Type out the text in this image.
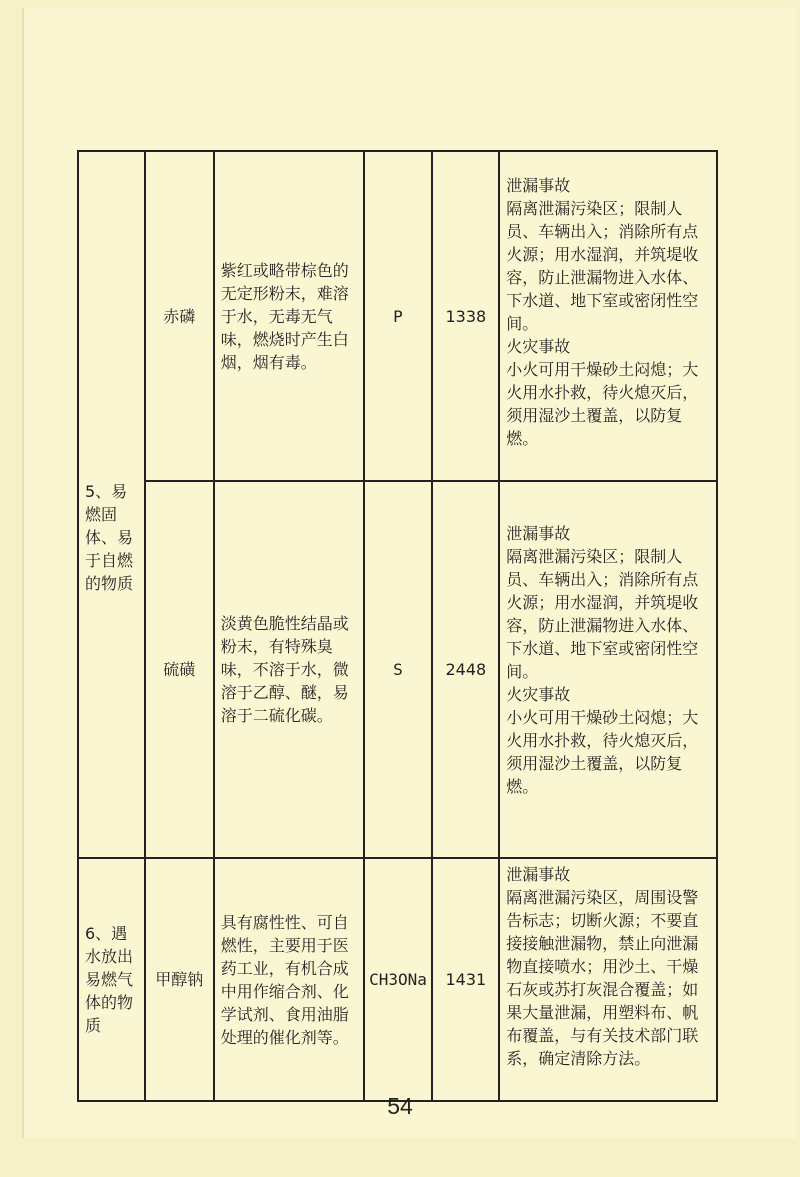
5、易燃固体、易于自燃的物质	赤磷	紫红或略带棕色的无定形粉末，难溶于水，无毒无气味，燃烧时产生白烟，烟有毒。	P	1338	泄漏事故
隔离泄漏污染区；限制人员、车辆出入；消除所有点火源；用水湿润，并筑堤收容，防止泄漏物进入水体、下水道、地下室或密闭性空间。
火灾事故
小火可用干燥砂土闷熄；大火用水扑救，待火熄灭后，须用湿沙土覆盖，以防复燃。

	硫磺	淡黄色脆性结晶或粉末，有特殊臭味，不溶于水，微溶于乙醇、醚，易溶于二硫化碳。	S	2448	泄漏事故
隔离泄漏污染区；限制人员、车辆出入；消除所有点火源；用水湿润，并筑堤收容，防止泄漏物进入水体、下水道、地下室或密闭性空间。
火灾事故
小火可用干燥砂土闷熄；大火用水扑救，待火熄灭后，须用湿沙土覆盖，以防复燃。

6、遇水放出易燃气体的物质	甲醇钠	具有腐性性、可自燃性，主要用于医药工业，有机合成中用作缩合剂、化学试剂、食用油脂处理的催化剂等。	CH3ONa	1431	泄漏事故
隔离泄漏污染区，周围设警告标志；切断火源；不要直接接触泄漏物，禁止向泄漏物直接喷水；用沙土、干燥石灰或苏打灰混合覆盖；如果大量泄漏，用塑料布、帆布覆盖，与有关技术部门联系，确定清除方法。
54
